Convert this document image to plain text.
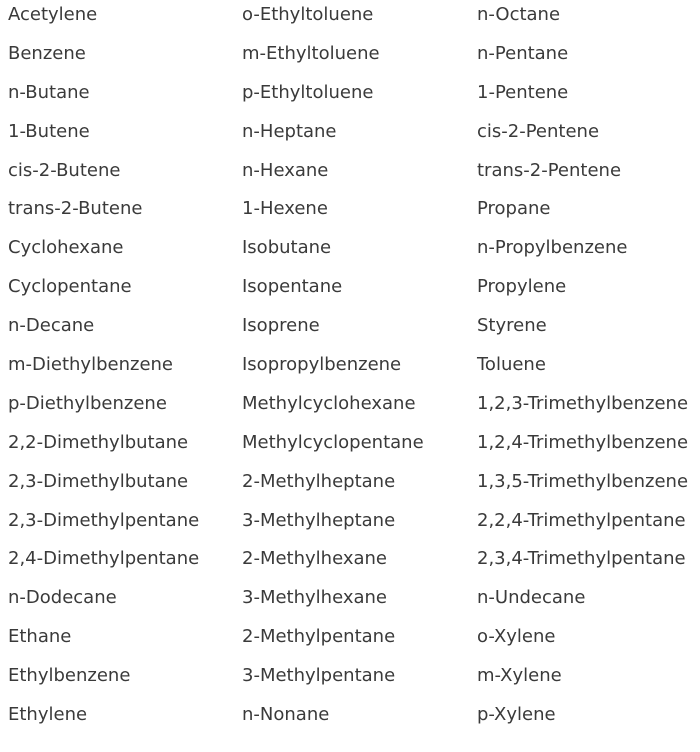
Acetylene	o-Ethyltoluene	n-Octane
Benzene	m-Ethyltoluene	n-Pentane
n-Butane	p-Ethyltoluene	1-Pentene
1-Butene	n-Heptane	cis-2-Pentene
cis-2-Butene	n-Hexane	trans-2-Pentene
trans-2-Butene	1-Hexene	Propane
Cyclohexane	Isobutane	n-Propylbenzene
Cyclopentane	Isopentane	Propylene
n-Decane	Isoprene	Styrene
m-Diethylbenzene	Isopropylbenzene	Toluene
p-Diethylbenzene	Methylcyclohexane	1,2,3-Trimethylbenzene
2,2-Dimethylbutane	Methylcyclopentane	1,2,4-Trimethylbenzene
2,3-Dimethylbutane	2-Methylheptane	1,3,5-Trimethylbenzene
2,3-Dimethylpentane	3-Methylheptane	2,2,4-Trimethylpentane
2,4-Dimethylpentane	2-Methylhexane	2,3,4-Trimethylpentane
n-Dodecane	3-Methylhexane	n-Undecane
Ethane	2-Methylpentane	o-Xylene
Ethylbenzene	3-Methylpentane	m-Xylene
Ethylene	n-Nonane	p-Xylene
